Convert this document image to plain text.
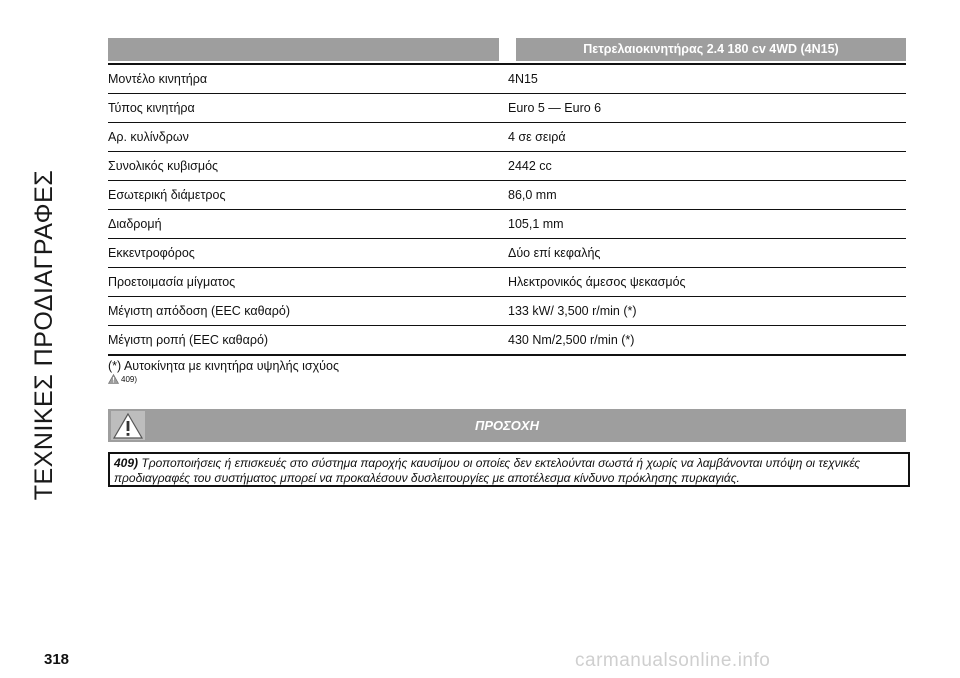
ΤΕΧΝΙΚΕΣ ΠΡΟΔΙΑΓΡΑΦΕΣ
Πετρελαιοκινητήρας 2.4 180 cv 4WD (4N15)
Μοντέλο κινητήρα	4N15
Τύπος κινητήρα	Euro 5 — Euro 6
Αρ. κυλίνδρων	4 σε σειρά
Συνολικός κυβισμός	2442 cc
Εσωτερική διάμετρος	86,0 mm
Διαδρομή	105,1 mm
Εκκεντροφόρος	Δύο επί κεφαλής
Προετοιμασία μίγματος	Ηλεκτρονικός άμεσος ψεκασμός
Μέγιστη απόδοση (EEC καθαρό)	133 kW/ 3,500 r/min (*)
Μέγιστη ροπή (EEC καθαρό)	430 Nm/2,500 r/min (*)
(*) Αυτοκίνητα με κινητήρα υψηλής ισχύος
409)
ΠΡΟΣΟΧΗ
409) Τροποποιήσεις ή επισκευές στο σύστημα παροχής καυσίμου οι οποίες δεν εκτελούνται σωστά ή χωρίς να λαμβάνονται υπόψη οι τεχνικές προδιαγραφές του συστήματος μπορεί να προκαλέσουν δυσλειτουργίες με αποτέλεσμα κίνδυνο πρόκλησης πυρκαγιάς.
318	carmanualsonline.info
